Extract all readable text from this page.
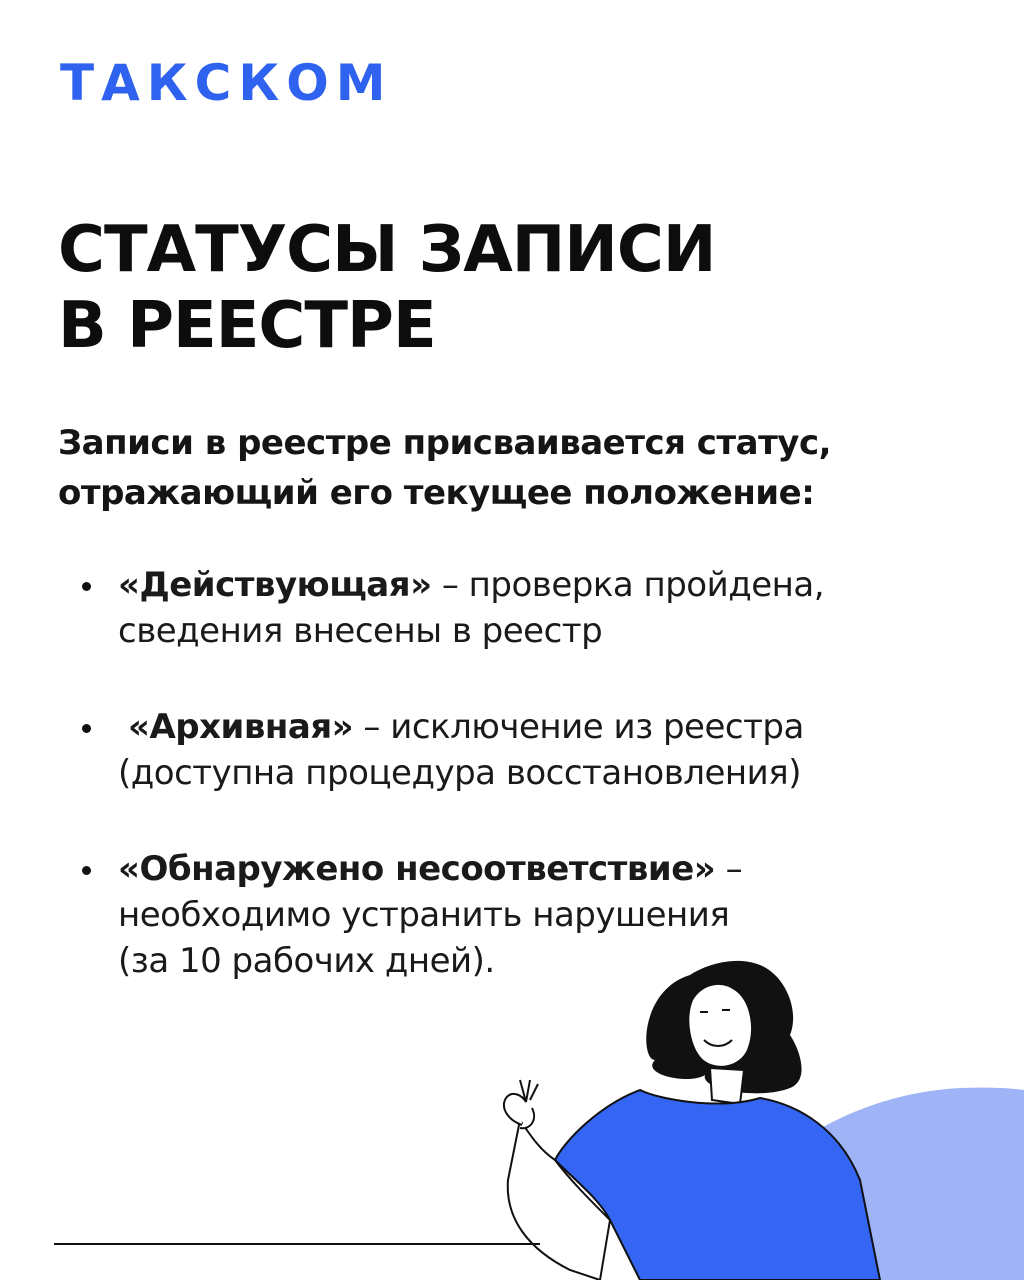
ТАКСКОМ
СТАТУСЫ ЗАПИСИ
В РЕЕСТРЕ
Записи в реестре присваивается статус,
отражающий его текущее положение:
«Действующая» – проверка пройдена,
сведения внесены в реестр
«Архивная» – исключение из реестра
(доступна процедура восстановления)
«Обнаружено несоответствие» –
необходимо устранить нарушения
(за 10 рабочих дней).
